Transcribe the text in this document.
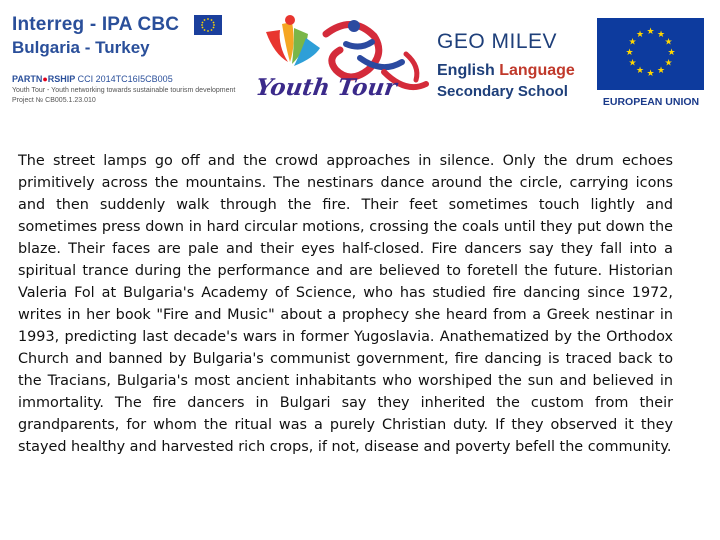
Interreg - IPA CBC
Bulgaria - Turkey
PARTN●RSHIP CCI 2014TC16I5CB005
Youth Tour - Youth networking towards sustainable tourism development
Project № CB005.1.23.010	Youth Tour
GEO MILEV
English Language
Secondary School
★ ★
★
★
★
★
★
★
★
★
★
★
EUROPEAN UNION

The street lamps go off and the crowd approaches in silence. Only the drum echoes primitively across the mountains. The nestinars dance around the circle, carrying icons and then suddenly walk through the fire. Their feet sometimes touch lightly and sometimes press down in hard circular motions, crossing the coals until they put down the blaze. Their faces are pale and their eyes half-closed. Fire dancers say they fall into a spiritual trance during the performance and are believed to foretell the future. Historian Valeria Fol at Bulgaria's Academy of Science, who has studied fire dancing since 1972, writes in her book "Fire and Music" about a prophecy she heard from a Greek nestinar in 1993, predicting last decade's wars in former Yugoslavia. Anathematized by the Orthodox Church and banned by Bulgaria's communist government, fire dancing is traced back to the Tracians, Bulgaria's most ancient inhabitants who worshiped the sun and believed in immortality. The fire dancers in Bulgari say they inherited the custom from their grandparents, for whom the ritual was a purely Christian duty. If they observed it they stayed healthy and harvested rich crops, if not, disease and poverty befell the community.
